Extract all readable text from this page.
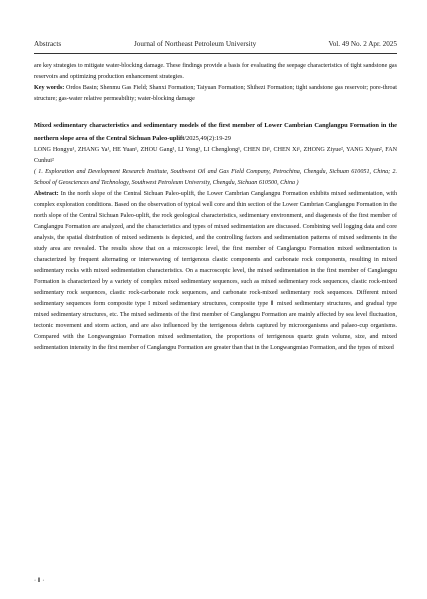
Abstracts	Journal of Northeast Petroleum University	Vol. 49 No. 2 Apr. 2025

are key strategies to mitigate water-blocking damage. These findings provide a basis for evaluating the seepage characteristics of tight sandstone gas reservoirs and optimizing production enhancement strategies.

Key words: Ordos Basin; Shenmu Gas Field; Shanxi Formation; Taiyuan Formation; Shihezi Formation; tight sandstone gas reservoir; pore-throat structure; gas-water relative permeability; water-blocking damage

Mixed sedimentary characteristics and sedimentary models of the first member of Lower Cambrian Canglangpu Formation in the northern slope area of the Central Sichuan Paleo-uplift/2025,49(2):19-29

LONG Hongyu¹, ZHANG Ya¹, HE Yuan¹, ZHOU Gang¹, LI Yong¹, LI Chenglong¹, CHEN Di¹, CHEN Xi¹, ZHONG Ziyue², YANG Xiyan², FAN Cunhui²

( 1. Exploration and Development Research Institute, Southwest Oil and Gas Field Company, Petrochina, Chengdu, Sichuan 610051, China; 2. School of Geosciences and Technology, Southwest Petroleum University, Chengdu, Sichuan 610500, China )

Abstract: In the north slope of the Central Sichuan Paleo-uplift, the Lower Cambrian Canglangpu Formation exhibits mixed sedimentation, with complex exploration conditions. Based on the observation of typical well core and thin section of the Lower Cambrian Canglangpu Formation in the north slope of the Central Sichuan Paleo-uplift, the rock geological characteristics, sedimentary environment, and diagenesis of the first member of Canglangpu Formation are analyzed, and the characteristics and types of mixed sedimentation are discussed. Combining well logging data and core analysis, the spatial distribution of mixed sediments is depicted, and the controlling factors and sedimentation patterns of mixed sediments in the study area are revealed. The results show that on a microscopic level, the first member of Canglangpu Formation mixed sedimentation is characterized by frequent alternating or interweaving of terrigenous clastic components and carbonate rock components, resulting in mixed sedimentary rocks with mixed sedimentation characteristics. On a macroscopic level, the mixed sedimentation in the first member of Canglangpu Formation is characterized by a variety of complex mixed sedimentary sequences, such as mixed sedimentary rock sequences, clastic rock-mixed sedimentary rock sequences, clastic rock-carbonate rock sequences, and carbonate rock-mixed sedimentary rock sequences. Different mixed sedimentary sequences form composite type I mixed sedimentary structures, composite type Ⅱ mixed sedimentary structures, and gradual type mixed sedimentary structures, etc. The mixed sediments of the first member of Canglangpu Formation are mainly affected by sea level fluctuation, tectonic movement and storm action, and are also influenced by the terrigenous debris captured by microorganisms and palaeo-cup organisms. Compared with the Longwangmiao Formation mixed sedimentation, the proportions of terrigenous quartz grain volume, size, and mixed sedimentation intensity in the first member of Canglangpu Formation are greater than that in the Longwangmiao Formation, and the types of mixed

· Ⅱ ·
